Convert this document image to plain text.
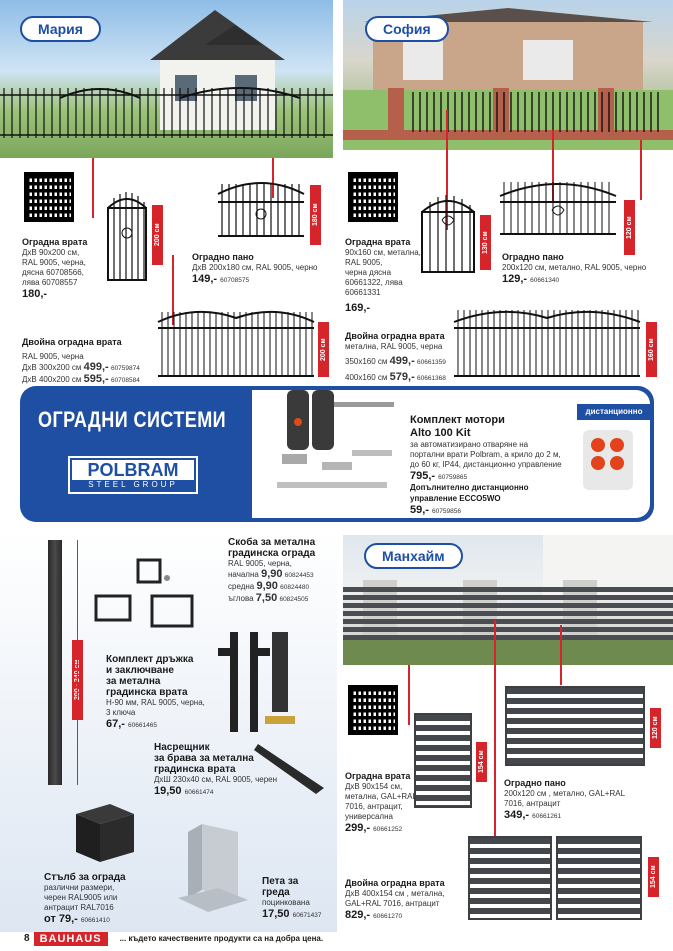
Мария
200 см
Оградна врата
ДхВ 90х200 см,
RAL 9005, черна,
дясна 60708566,
лява 60708557
180,-
180 см
Оградно пано
ДхВ 200х180 см, RAL 9005, черно
149,- 60708575
200 см
Двойна оградна врата
RAL 9005, черна
ДхВ 300х200 см 499,- 60759874
ДхВ 400х200 см 595,- 60708584
София
130 см
Оградна врата
90х160 см, метална,
RAL 9005,
черна дясна
60661322, лява
60661331
169,-
120 см
Оградно пано
200х120 см, метално, RAL 9005, черно
129,- 60661340
160 см
Двойна оградна врата
метална, RAL 9005, черна
350х160 см 499,- 60661359
400х160 см 579,- 60661368
ОГРАДНИ СИСТЕМИ
POLBRAM
STEEL GROUP
Комплект мотори
Alto 100 Kit
за автоматизирано отваряне на
портални врати Polbram, а крило до 2 м,
до 60 кг, IP44, дистанционно управление
795,- 60759865
Допълнително дистанционно
управление ECCO5WO
59,- 60759856
дистанционно
Скоба за метална
градинска ограда
RAL 9005, черна,
начална 9,90 60824453
средна 9,90 60824480
ъглова 7,50 60824505
Комплект дръжка
и заключване
за метална
градинска врата
Н-90 мм, RAL 9005, черна,
3 ключа
67,- 60661465
Насрещник
за брава за метална
градинска врата
ДхШ 230х40 см, RAL 9005, черен
19,50 60661474
Стълб за ограда
различни размери,
черен RAL9005 или
антрацит RAL7016
от 79,- 60661410
Пета за
греда
поцинкована
17,50 60671437
Манхайм
154 см
Оградна врата
ДхВ 90х154 см,
метална, GAL+RAL
7016, антрацит,
универсална
299,- 60661252
120 см
Оградно пано
200х120 см , метално, GAL+RAL
7016, антрацит
349,- 60661261
154 см
Двойна оградна врата
ДхВ 400х154 см , метална,
GAL+RAL 7016, антрацит
829,- 60661270
8 BAUHAUS	... където качествените продукти са на добра цена.
